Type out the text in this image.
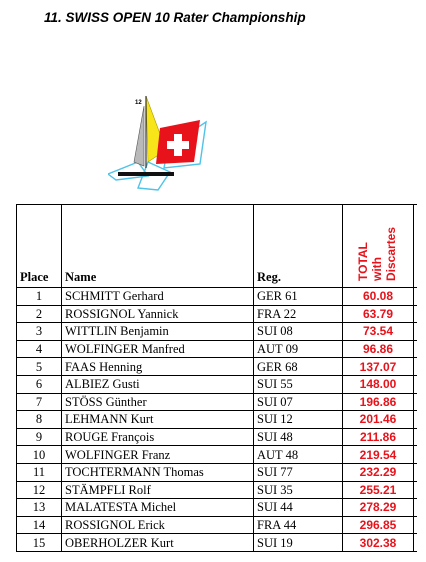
11. SWISS OPEN 10 Rater Championship
12
Place	Name	Reg.	TOTAL with Discartes	

1	SCHMITT Gerhard	GER 61	60.08	
2	ROSSIGNOL Yannick	FRA 22	63.79	
3	WITTLIN Benjamin	SUI 08	73.54	
4	WOLFINGER Manfred	AUT 09	96.86	
5	FAAS Henning	GER 68	137.07	
6	ALBIEZ Gusti	SUI 55	148.00	
7	STÖSS Günther	SUI 07	196.86	
8	LEHMANN Kurt	SUI 12	201.46	
9	ROUGE François	SUI 48	211.86	
10	WOLFINGER Franz	AUT 48	219.54	
11	TOCHTERMANN Thomas	SUI 77	232.29	
12	STÄMPFLI Rolf	SUI 35	255.21	
13	MALATESTA Michel	SUI 44	278.29	
14	ROSSIGNOL Erick	FRA 44	296.85	
15	OBERHOLZER Kurt	SUI 19	302.38	
